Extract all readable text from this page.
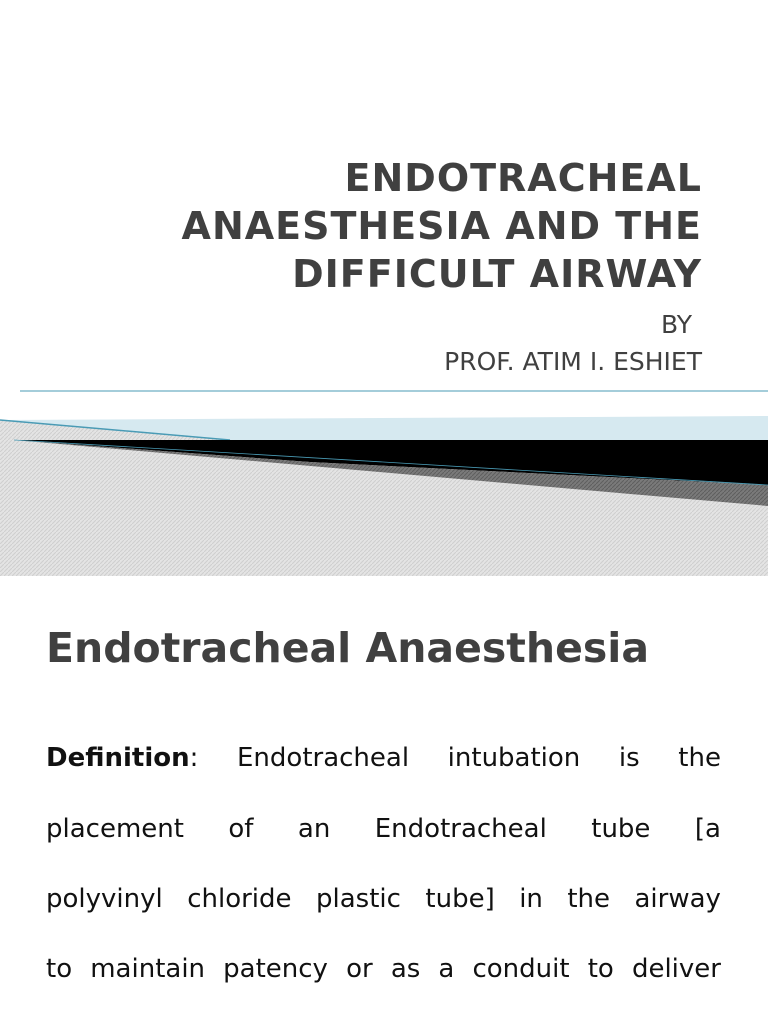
ENDOTRACHEAL
ANAESTHESIA AND THE
DIFFICULT AIRWAY
BY
PROF. ATIM I. ESHIET
Endotracheal Anaesthesia
Definition: Endotracheal intubation is the
placement of an Endotracheal tube [a
polyvinyl chloride plastic tube] in the airway
to maintain patency or as a conduit to deliver
